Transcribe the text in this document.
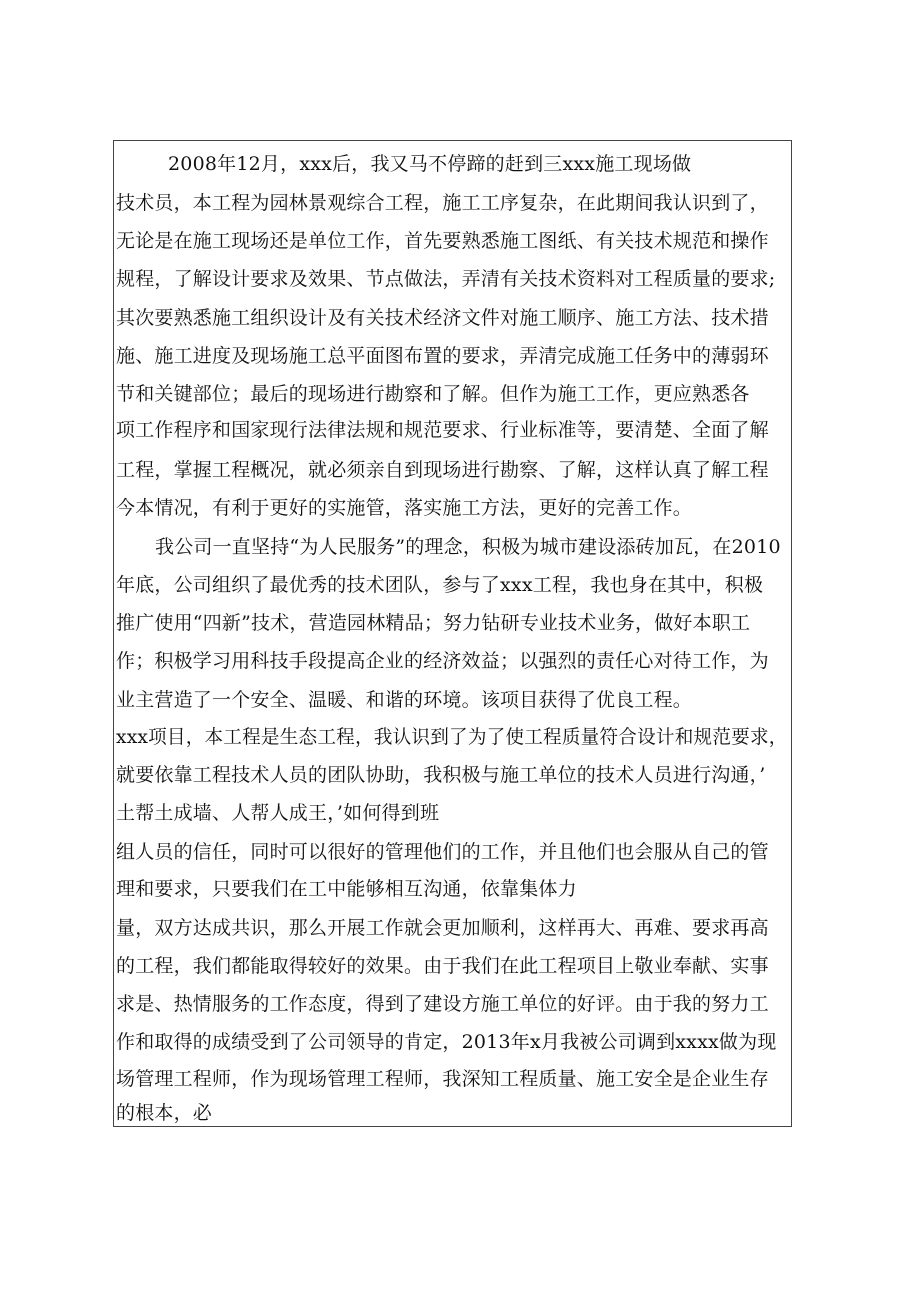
2008年12月，xxx后，我又马不停蹄的赶到三xxx施工现场做
技术员，本工程为园林景观综合工程，施工工序复杂，在此期间我认识到了，
无论是在施工现场还是单位工作，首先要熟悉施工图纸、有关技术规范和操作
规程，了解设计要求及效果、节点做法，弄清有关技术资料对工程质量的要求;
其次要熟悉施工组织设计及有关技术经济文件对施工顺序、施工方法、技术措
施、施工进度及现场施工总平面图布置的要求，弄清完成施工任务中的薄弱环
节和关键部位；最后的现场进行勘察和了解。但作为施工工作，更应熟悉各
项工作程序和国家现行法律法规和规范要求、行业标准等，要清楚、全面了解
工程，掌握工程概况，就必须亲自到现场进行勘察、了解，这样认真了解工程
今本情况，有利于更好的实施管，落实施工方法，更好的完善工作。
我公司一直坚持“为人民服务”的理念，积极为城市建设添砖加瓦，在2010
年底，公司组织了最优秀的技术团队，参与了xxx工程，我也身在其中，积极
推广使用“四新”技术，营造园林精品；努力钻研专业技术业务，做好本职工
作；积极学习用科技手段提高企业的经济效益；以强烈的责任心对待工作，为
业主营造了一个安全、温暖、和谐的环境。该项目获得了优良工程。
xxx项目，本工程是生态工程，我认识到了为了使工程质量符合设计和规范要求，
就要依靠工程技术人员的团队协助，我积极与施工单位的技术人员进行沟通，’
土帮土成墙、人帮人成王，’如何得到班
组人员的信任，同时可以很好的管理他们的工作，并且他们也会服从自己的管
理和要求，只要我们在工中能够相互沟通，依靠集体力
量，双方达成共识，那么开展工作就会更加顺利，这样再大、再难、要求再高
的工程，我们都能取得较好的效果。由于我们在此工程项目上敬业奉献、实事
求是、热情服务的工作态度，得到了建设方施工单位的好评。由于我的努力工
作和取得的成绩受到了公司领导的肯定，2013年x月我被公司调到xxxx做为现
场管理工程师，作为现场管理工程师，我深知工程质量、施工安全是企业生存
的根本，必
